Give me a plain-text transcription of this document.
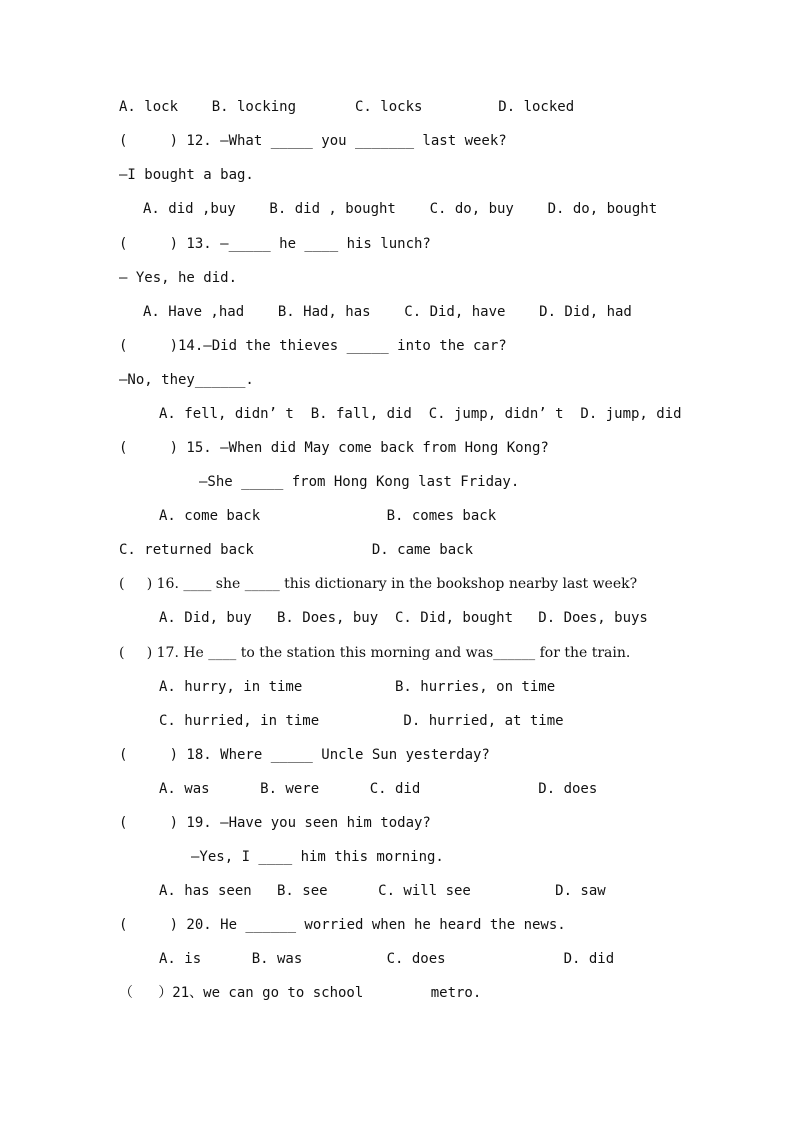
A. lock    B. locking       C. locks         D. locked
(     ) 12. —What _____ you _______ last week?
—I bought a bag.
A. did ,buy    B. did , bought    C. do, buy    D. do, bought
(     ) 13. —_____ he ____ his lunch?
— Yes, he did.
A. Have ,had    B. Had, has    C. Did, have    D. Did, had
(     )14.—Did the thieves _____ into the car?
—No, they______.
A. fell, didn’ t  B. fall, did  C. jump, didn’ t  D. jump, did
(     ) 15. —When did May come back from Hong Kong?
—She _____ from Hong Kong last Friday.
A. come back               B. comes back
C. returned back              D. came back
(     ) 16. ____ she _____ this dictionary in the bookshop nearby last week?
A. Did, buy   B. Does, buy  C. Did, bought   D. Does, buys
(     ) 17. He ____ to the station this morning and was______ for the train.
A. hurry, in time           B. hurries, on time
C. hurried, in time          D. hurried, at time
(     ) 18. Where _____ Uncle Sun yesterday?
A. was      B. were      C. did              D. does
(     ) 19. —Have you seen him today?
—Yes, I ____ him this morning.
A. has seen   B. see      C. will see          D. saw
(     ) 20. He ______ worried when he heard the news.
A. is      B. was          C. does              D. did
（   ）21、we can go to school        metro.
